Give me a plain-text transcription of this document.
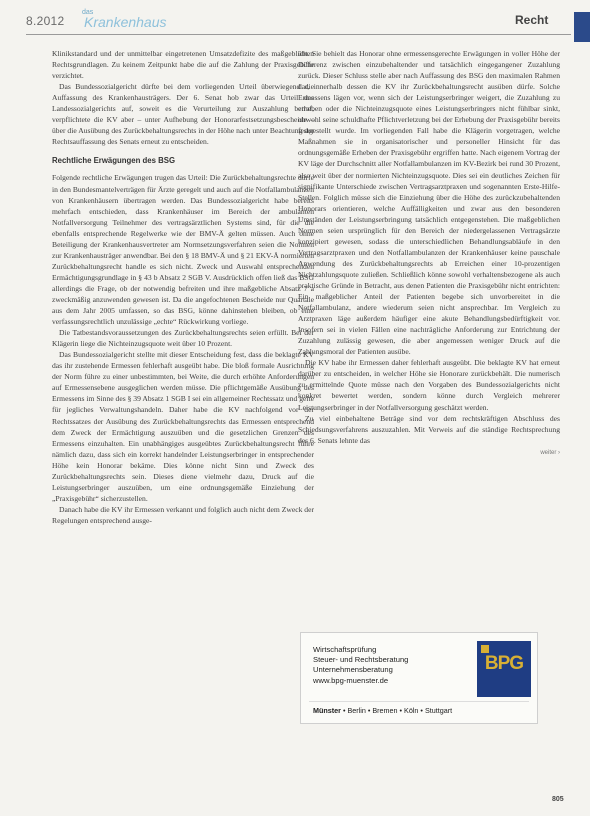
8.2012
das
Krankenhaus	Recht

Klinikstandard und der unmittelbar eingetretenen Umsatzdefizite des maßgeblichen Rechtsgrundlagen. Zu keinem Zeitpunkt habe die auf die Zahlung der Praxisgebühr verzichtet.

Das Bundessozialgericht dürfte bei dem vorliegenden Urteil überwiegend die Auffassung des Krankenhausträgers. Der 6. Senat hob zwar das Urteil des Landessozialgerichts auf, soweit es die Verurteilung zur Auszahlung betraf, verpflichtete die KV aber – unter Aufhebung der Honorarfestsetzungsbescheide – über die Ausübung des Zurückbehaltungsrechts in der Höhe nach unter Beachtung der Rechtsauffassung des Senats erneut zu entscheiden.

Rechtliche Erwägungen des BSG

Folgende rechtliche Erwägungen trugen das Urteil: Die Zurückbehaltungsrechte dürfe in den Bundesmantelverträgen für Ärzte geregelt und auch auf die Notfallambulanzen von Krankenhäusern übertragen werden. Das Bundessozialgericht habe bereits mehrfach entschieden, dass Krankenhäuser im Bereich der ambulanten Notfallversorgung Teilnehmer des vertragsärztlichen Systems sind, für die die ebenfalls entsprechende Regelwerke wie der BMV-Ä gelten müssen. Auch ohne Beteiligung der Krankenhausvertreter am Normsetzungsverfahren seien die Normen zur Krankenhausträger anwendbar. Bei den § 18 BMV-Ä und § 21 EKV-Ä normierten Zurückbehaltungsrecht handle es sich nicht. Zweck und Auswahl entsprechenden Ermächtigungsgrundlage in § 43 b Absatz 2 SGB V. Ausdrücklich offen ließ das BSG allerdings die Frage, ob der notwendig befreiten und ihre maßgebliche Absatz 7 a zweckmäßig anzuwenden gewesen ist. Da die angefochtenen Bescheide nur Quartale aus dem Jahr 2005 umfassen, so das BSG, könne dahinstehen bleiben, ob eine verfassungsrechtlich unzulässige „echte“ Rückwirkung vorliege.

Die Tatbestandsvoraussetzungen des Zurückbehaltungsrechts seien erfüllt. Bei der Klägerin liege die Nichteinzugsquote weit über 10 Prozent.

Das Bundessozialgericht stellte mit dieser Entscheidung fest, dass die beklagte KV das ihr zustehende Ermessen fehlerhaft ausgeübt habe. Die bloß formale Ausrichtung der Norm führe zu einer unbestimmten, bei Weite, die durch erhöhte Anforderungen auf Ermessensebene ausgeglichen werden müsse. Die pflichtgemäße Ausübung des Ermessens im Sinne des § 39 Absatz 1 SGB I sei ein allgemeiner Rechtssatz und gelte für jegliches Verwaltungshandeln. Daher habe die KV nachfolgend vor der Rechtssatzes der Ausübung des Zurückbehaltungsrechts das Ermessen entsprechend dem Zweck der Ermächtigung auszuüben und die gesetzlichen Grenzen des Ermessens einzuhalten. Ein unabhängiges ausgeübtes Zurückbehaltungsrecht führe nämlich dazu, dass sich ein korrekt handelnder Leistungserbringer in entsprechender Höhe kein Honorar bekäme. Dies könne nicht Sinn und Zweck des Zurückbehaltungsrechts sein. Dieses diene vielmehr dazu, Druck auf die Leistungserbringer auszuüben, um eine ordnungsgemäße Einziehung der „Praxisgebühr“ sicherzustellen.

Danach habe die KV ihr Ermessen verkannt und folglich auch nicht dem Zweck der Regelungen entsprechend ausge-

übt. Sie behielt das Honorar ohne ermessensgerechte Erwägungen in voller Höhe der Differenz zwischen einzubehaltender und tatsächlich eingegangener Zuzahlung zurück. Dieser Schluss stelle aber nach Auffassung des BSG den maximalen Rahmen dar, innerhalb dessen die KV ihr Zurückbehaltungsrecht ausüben dürfe. Solche Ermessens lägen vor, wenn sich der Leistungserbringer weigert, die Zuzahlung zu erheben oder die Nichteinzugsquote eines Leistungserbringers nicht fühlbar sinkt, obwohl seine schuldhafte Pflichtverletzung bei der Erhebung der Praxisgebühr bereits festgestellt wurde. Im vorliegenden Fall habe die Klägerin vorgetragen, welche Maßnahmen sie in organisatorischer und personeller Hinsicht für das ordnungsgemäße Erheben der Praxisgebühr ergriffen hatte. Nach eigenem Vortrag der KV läge der Durchschnitt aller Notfallambulanzen im KV-Bezirk bei rund 30 Prozent, also weit über der normierten Nichteinzugsquote. Dies sei ein deutliches Zeichen für signifikante Unterschiede zwischen Vertragsarztpraxen und sogenannten Erste-Hilfe-Stellen. Folglich müsse sich die Einziehung über die Höhe des zurückzubehaltenden Honorars orientieren, welche Auffälligkeiten und zwar aus den besonderen Umständen der Leistungserbringung tatsächlich entgegenstehen. Die maßgeblichen Normen seien ursprünglich für den Bereich der niedergelassenen Vertragsärzte konzipiert gewesen, sodass die unterschiedlichen Behandlungsabläufe in den Vertragsarztpraxen und den Notfallambulanzen der Krankenhäuser keine pauschale Anwendung des Zurückbehaltungsrechts ab Erreichen einer 10-prozentigen Nichtzahlungsquote zuließen. Schließlich könne sowohl verhaltensbezogene als auch praktische Gründe in Betracht, aus denen Patienten die Praxisgebühr nicht entrichten: Ein maßgeblicher Anteil der Patienten begebe sich unvorbereitet in die Notfallambulanz, andere wiederum seien nicht ansprechbar. Im Vergleich zu Arztpraxen läge außerdem häufiger eine akute Behandlungsbedürftigkeit vor. Insofern sei in vielen Fällen eine nachträgliche Anforderung zur Entrichtung der Zuzahlung zulässig gewesen, die aber angemessen weniger Druck auf die Zahlungsmoral der Patienten ausübe.

Die KV habe ihr Ermessen daher fehlerhaft ausgeübt. Die beklagte KV hat erneut darüber zu entscheiden, in welcher Höhe sie Honorare zurückbehält. Die numerisch zu ermittelnde Quote müsse nach den Vorgaben des Bundessozialgerichts nicht konkret bewertet werden, sondern könne durch Vergleich mehrerer Leistungserbringer in der Notfallversorgung geschätzt werden.

Zu viel einbehaltene Beträge sind vor dem rechtskräftigen Abschluss des Schiedsungsverfahrens auszuzahlen. Mit Verweis auf die ständige Rechtsprechung des 6. Senats lehnte das

weiter ›
Wirtschaftsprüfung
Steuer- und Rechtsberatung
Unternehmensberatung
www.bpg-muenster.de
BPG
Münster • Berlin • Bremen • Köln • Stuttgart
805
